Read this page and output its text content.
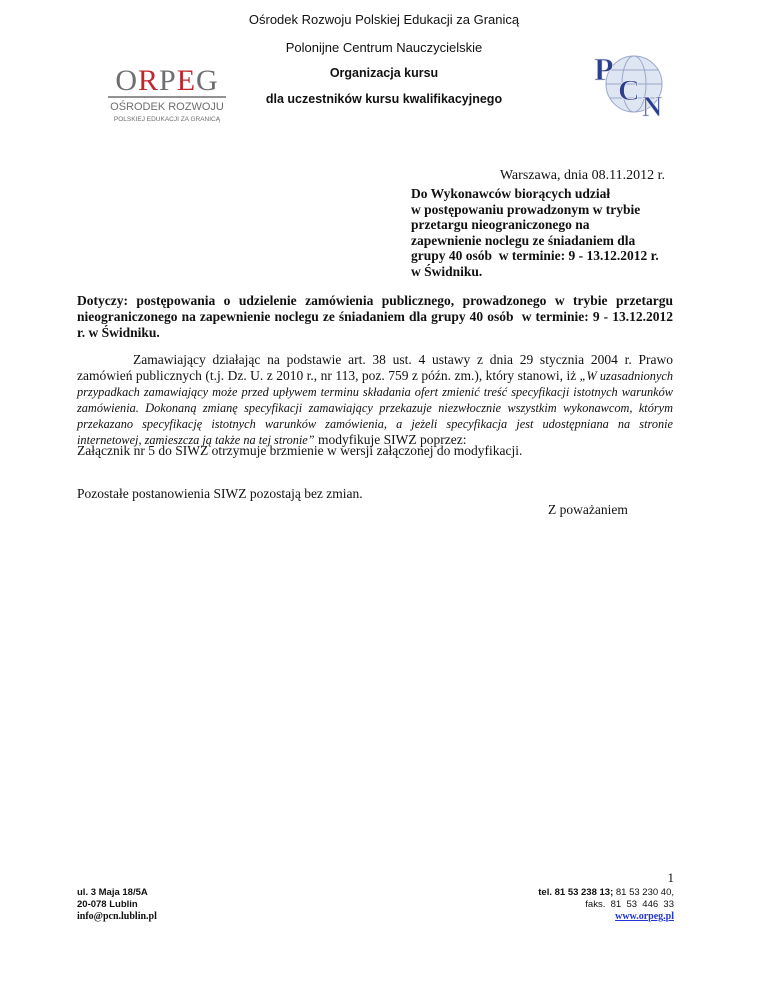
Ośrodek Rozwoju Polskiej Edukacji za Granicą
Polonijne Centrum Nauczycielskie
Organizacja kursu
dla uczestników kursu kwalifikacyjnego
ORPEG
OŚRODEK ROZWOJU
POLSKIEJ EDUKACJI ZA GRANICĄ
P
C
N
Warszawa, dnia 08.11.2012 r.
Do Wykonawców biorących udział
w postępowaniu prowadzonym w trybie
przetargu nieograniczonego na
zapewnienie noclegu ze śniadaniem dla
grupy 40 osób  w terminie: 9 - 13.12.2012 r.
w Świdniku.
Dotyczy: postępowania o udzielenie zamówienia publicznego, prowadzonego w trybie przetargu nieograniczonego na zapewnienie noclegu ze śniadaniem dla grupy 40 osób  w terminie: 9 - 13.12.2012 r. w Świdniku.
Zamawiający działając na podstawie art. 38 ust. 4 ustawy z dnia 29 stycznia 2004 r. Prawo zamówień publicznych (t.j. Dz. U. z 2010 r., nr 113, poz. 759 z późn. zm.), który stanowi, iż „W uzasadnionych przypadkach zamawiający może przed upływem terminu składania ofert zmienić treść specyfikacji istotnych warunków zamówienia. Dokonaną zmianę specyfikacji zamawiający przekazuje niezwłocznie wszystkim wykonawcom, którym przekazano specyfikację istotnych warunków zamówienia, a jeżeli specyfikacja jest udostępniana na stronie internetowej, zamieszcza ją także na tej stronie” modyfikuje SIWZ poprzez:
Załącznik nr 5 do SIWZ otrzymuje brzmienie w wersji załączonej do modyfikacji.
Pozostałe postanowienia SIWZ pozostają bez zmian.
Z poważaniem
1
ul. 3 Maja 18/5A
20-078 Lublin
info@pcn.lublin.pl
tel. 81 53 238 13; 81 53 230 40,
faks.  81  53  446  33
www.orpeg.pl
